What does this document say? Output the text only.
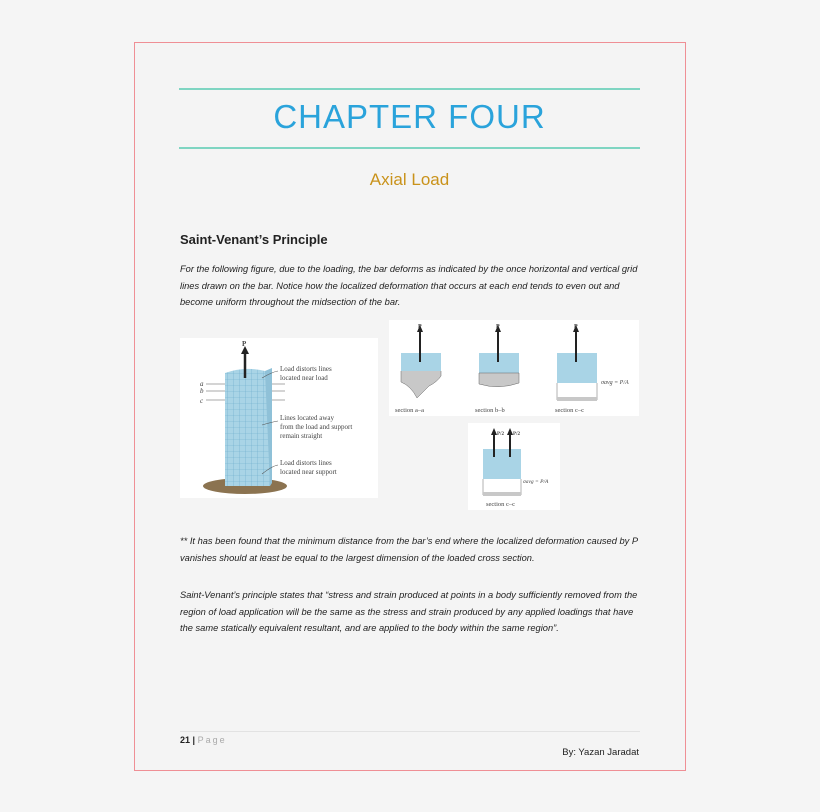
CHAPTER FOUR
Axial Load
Saint-Venant’s Principle
For the following figure, due to the loading, the bar deforms as indicated by the once horizontal and vertical grid lines drawn on the bar. Notice how the localized deformation that occurs at each end tends to even out and become uniform throughout the midsection of the bar.
P
a
b
c
Load distorts lines located near load
Lines located away from the load and support remain straight
Load distorts lines located near support
P
section a–a
P
section b–b
P
σavg = P/A
section c–c
P/2 P/2
σavg = P/A
section c–c
** It has been found that the minimum distance from the bar’s end where the localized deformation caused by P vanishes should at least be equal to the largest dimension of the loaded cross section.
Saint-Venant’s principle states that “stress and strain produced at points in a body sufficiently removed from the region of load application will be the same as the stress and strain produced by any applied loadings that have the same statically equivalent resultant, and are applied to the body within the same region”.
21 | Page
By: Yazan Jaradat
